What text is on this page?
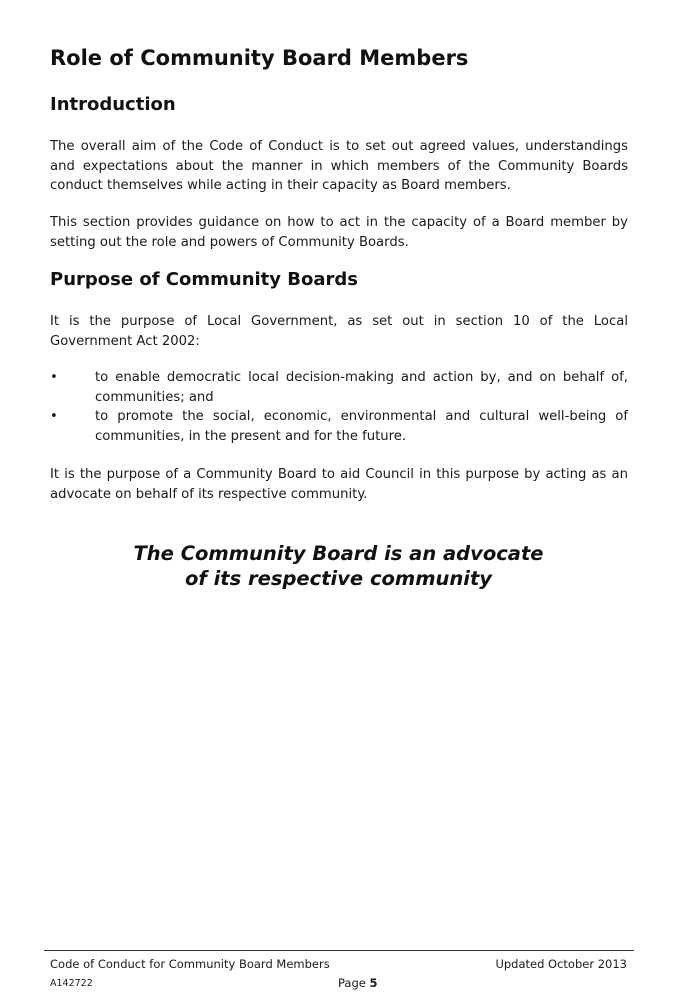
Role of Community Board Members
Introduction

The overall aim of the Code of Conduct is to set out agreed values, understandings and expectations about the manner in which members of the Community Boards conduct themselves while acting in their capacity as Board members.

This section provides guidance on how to act in the capacity of a Board member by setting out the role and powers of Community Boards.

Purpose of Community Boards

It is the purpose of Local Government, as set out in section 10 of the Local Government Act 2002:

•	to enable democratic local decision-making and action by, and on behalf of, communities; and
•	to promote the social, economic, environmental and cultural well-being of communities, in the present and for the future.

It is the purpose of a Community Board to aid Council in this purpose by acting as an advocate on behalf of its respective community.

The Community Board is an advocate
of its respective community
Code of Conduct for Community Board Members	Updated October 2013
A142722	Page 5
